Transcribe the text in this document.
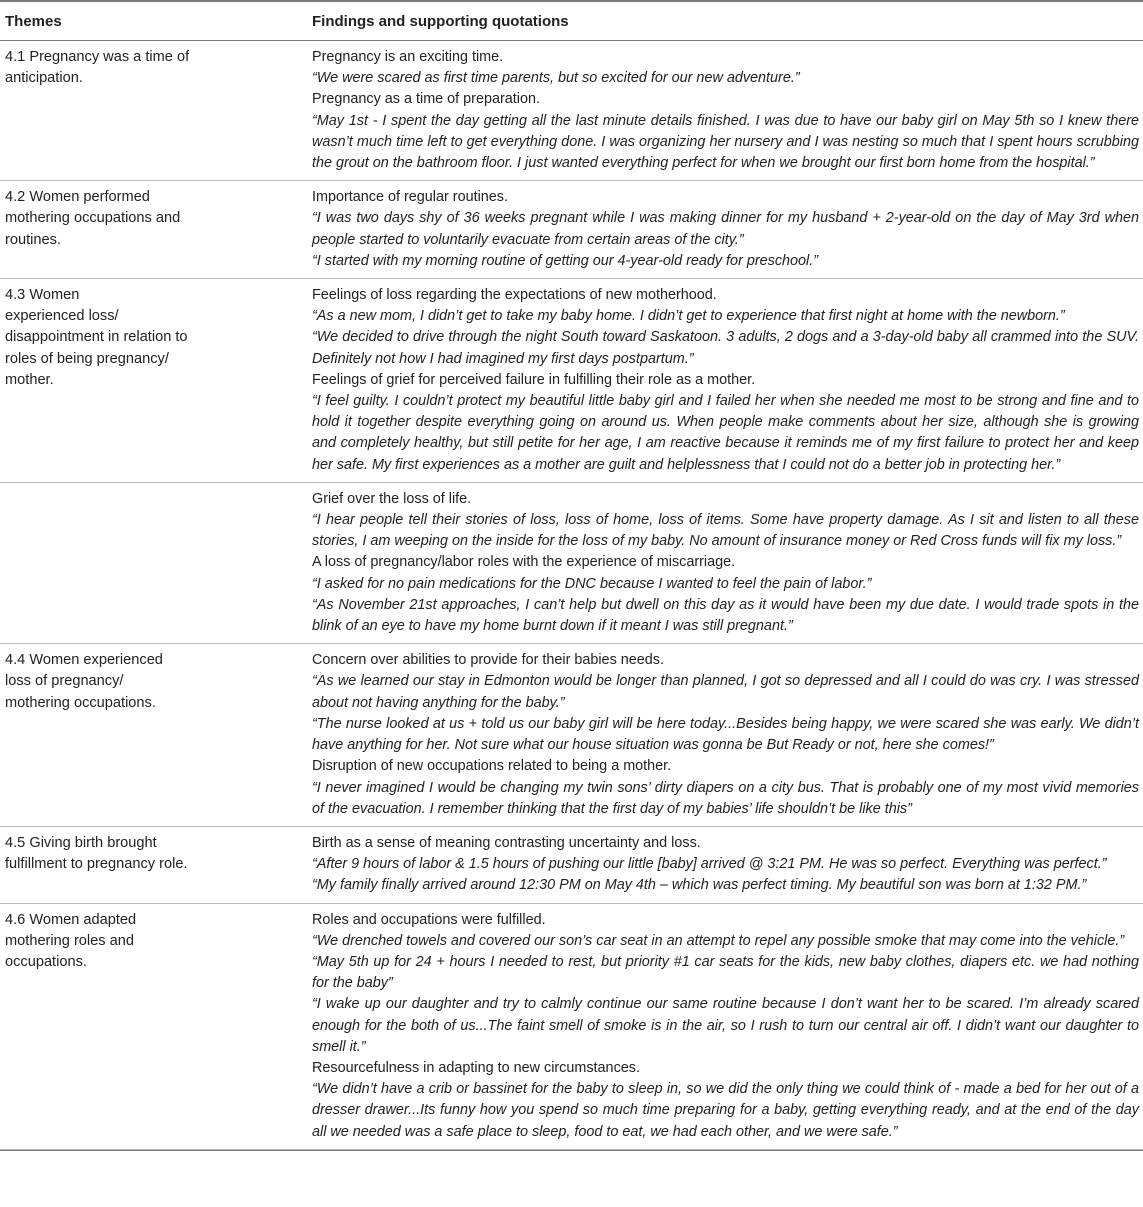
Themes	Findings and supporting quotations
4.1 Pregnancy was a time of
anticipation.
Pregnancy is an exciting time.
“We were scared as first time parents, but so excited for our new adventure.”
Pregnancy as a time of preparation.
“May 1st - I spent the day getting all the last minute details finished. I was due to have our baby girl on May 5th so I knew there wasn’t much time left to get everything done. I was organizing her nursery and I was nesting so much that I spent hours scrubbing the grout on the bathroom floor. I just wanted everything perfect for when we brought our first born home from the hospital.”
4.2 Women performed
mothering occupations and
routines.
Importance of regular routines.
“I was two days shy of 36 weeks pregnant while I was making dinner for my husband + 2-year-old on the day of May 3rd when people started to voluntarily evacuate from certain areas of the city.”
“I started with my morning routine of getting our 4-year-old ready for preschool.”
4.3 Women
experienced loss/
disappointment in relation to
roles of being pregnancy/
mother.
Feelings of loss regarding the expectations of new motherhood.
“As a new mom, I didn’t get to take my baby home. I didn’t get to experience that first night at home with the newborn.”
“We decided to drive through the night South toward Saskatoon. 3 adults, 2 dogs and a 3-day-old baby all crammed into the SUV. Definitely not how I had imagined my first days postpartum.”
Feelings of grief for perceived failure in fulfilling their role as a mother.
“I feel guilty. I couldn’t protect my beautiful little baby girl and I failed her when she needed me most to be strong and fine and to hold it together despite everything going on around us. When people make comments about her size, although she is growing and completely healthy, but still petite for her age, I am reactive because it reminds me of my first failure to protect her and keep her safe. My first experiences as a mother are guilt and helplessness that I could not do a better job in protecting her.”
Grief over the loss of life.
“I hear people tell their stories of loss, loss of home, loss of items. Some have property damage. As I sit and listen to all these stories, I am weeping on the inside for the loss of my baby. No amount of insurance money or Red Cross funds will fix my loss.”
A loss of pregnancy/labor roles with the experience of miscarriage.
“I asked for no pain medications for the DNC because I wanted to feel the pain of labor.”
“As November 21st approaches, I can’t help but dwell on this day as it would have been my due date. I would trade spots in the blink of an eye to have my home burnt down if it meant I was still pregnant.”
4.4 Women experienced
loss of pregnancy/
mothering occupations.
Concern over abilities to provide for their babies needs.
“As we learned our stay in Edmonton would be longer than planned, I got so depressed and all I could do was cry. I was stressed about not having anything for the baby.”
“The nurse looked at us + told us our baby girl will be here today...Besides being happy, we were scared she was early. We didn’t have anything for her. Not sure what our house situation was gonna be But Ready or not, here she comes!”
Disruption of new occupations related to being a mother.
“I never imagined I would be changing my twin sons’ dirty diapers on a city bus. That is probably one of my most vivid memories of the evacuation. I remember thinking that the first day of my babies’ life shouldn’t be like this”
4.5 Giving birth brought
fulfillment to pregnancy role.
Birth as a sense of meaning contrasting uncertainty and loss.
“After 9 hours of labor & 1.5 hours of pushing our little [baby] arrived @ 3:21 PM. He was so perfect. Everything was perfect.”
“My family finally arrived around 12:30 PM on May 4th – which was perfect timing. My beautiful son was born at 1:32 PM.”
4.6 Women adapted
mothering roles and
occupations.
Roles and occupations were fulfilled.
“We drenched towels and covered our son’s car seat in an attempt to repel any possible smoke that may come into the vehicle.”
“May 5th up for 24 + hours I needed to rest, but priority #1 car seats for the kids, new baby clothes, diapers etc. we had nothing for the baby”
“I wake up our daughter and try to calmly continue our same routine because I don’t want her to be scared. I’m already scared enough for the both of us...The faint smell of smoke is in the air, so I rush to turn our central air off. I didn’t want our daughter to smell it.”
Resourcefulness in adapting to new circumstances.
“We didn’t have a crib or bassinet for the baby to sleep in, so we did the only thing we could think of - made a bed for her out of a dresser drawer...Its funny how you spend so much time preparing for a baby, getting everything ready, and at the end of the day all we needed was a safe place to sleep, food to eat, we had each other, and we were safe.”
